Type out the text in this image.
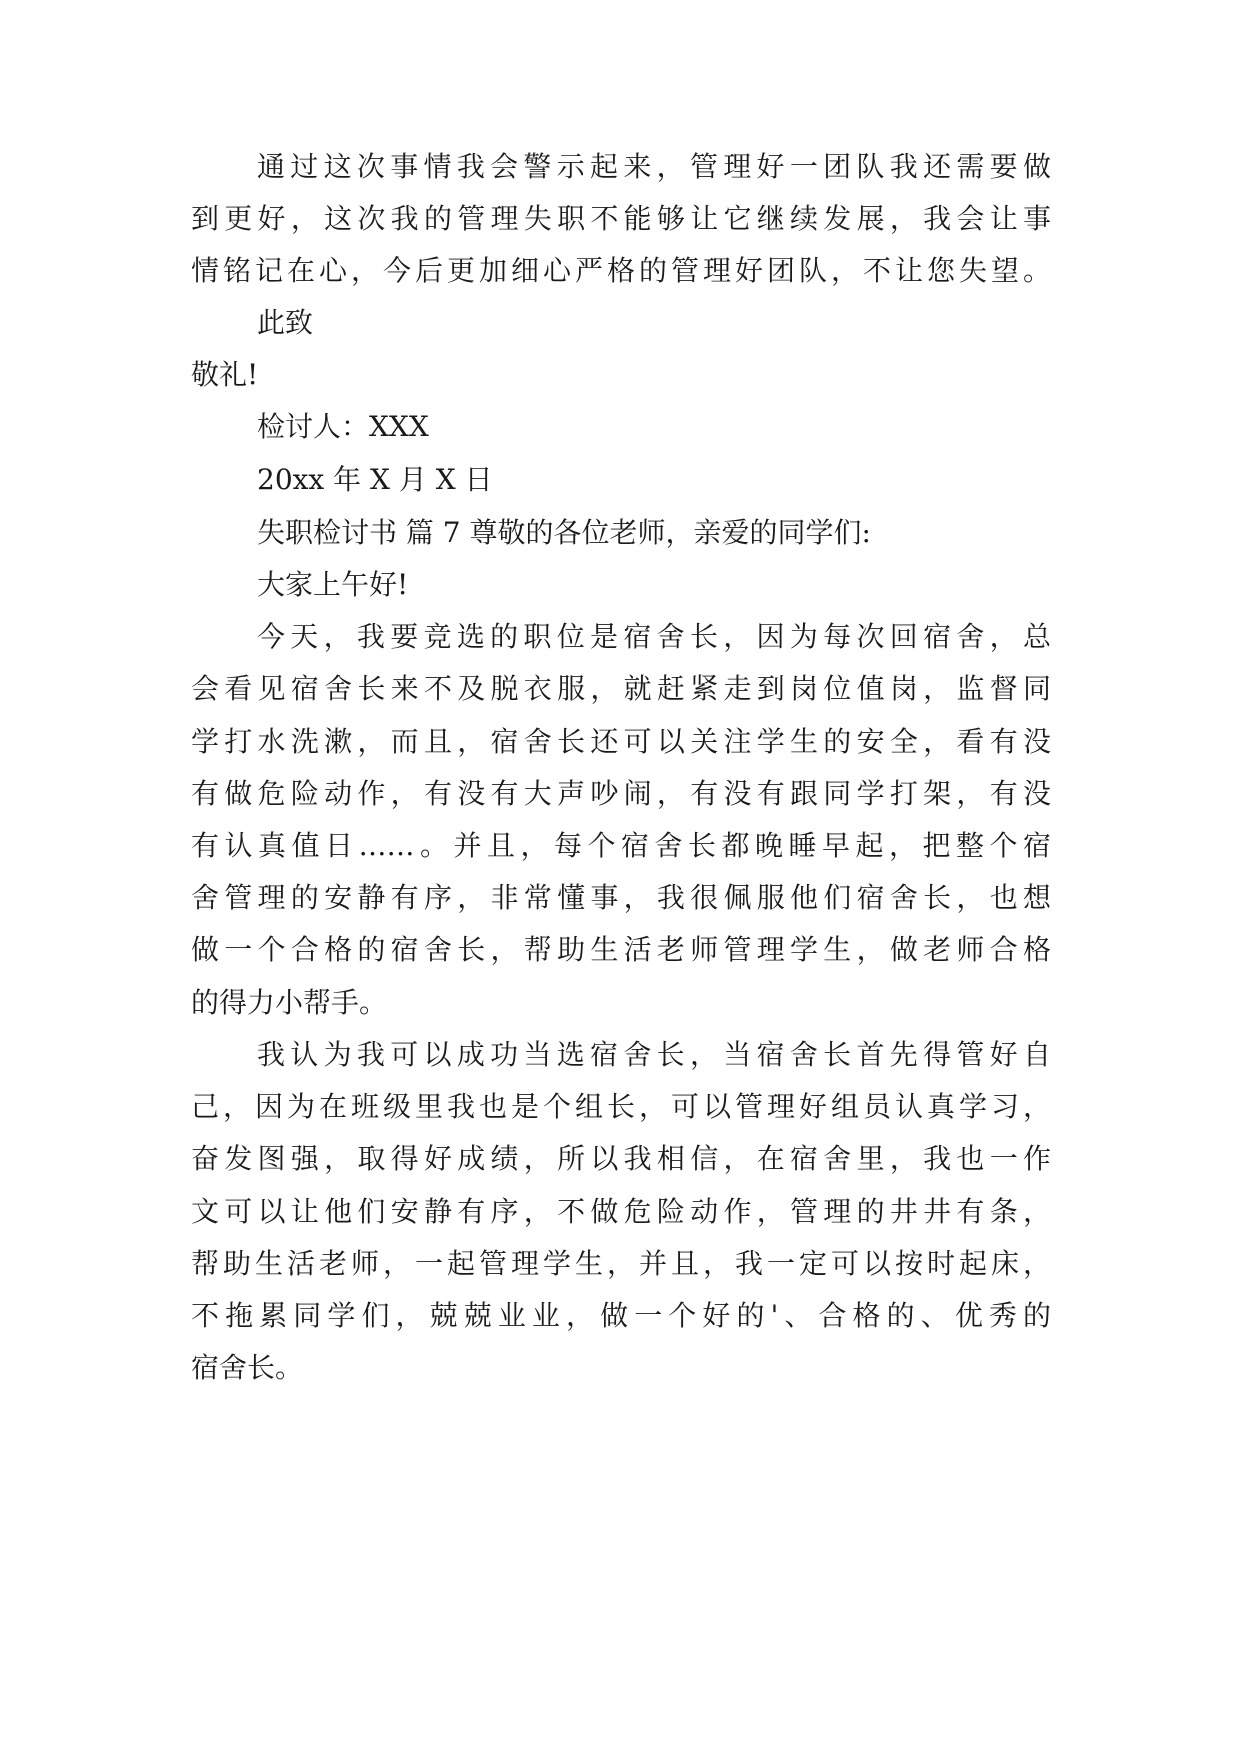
通过这次事情我会警示起来，管理好一团队我还需要做
到更好，这次我的管理失职不能够让它继续发展，我会让事
情铭记在心，今后更加细心严格的管理好团队，不让您失望。
此致
敬礼!
检讨人：XXX
20xx 年 X 月 X 日
失职检讨书 篇 7 尊敬的各位老师，亲爱的同学们:
大家上午好!
今天，我要竞选的职位是宿舍长，因为每次回宿舍，总
会看见宿舍长来不及脱衣服，就赶紧走到岗位值岗，监督同
学打水洗漱，而且，宿舍长还可以关注学生的安全，看有没
有做危险动作，有没有大声吵闹，有没有跟同学打架，有没
有认真值日……。并且，每个宿舍长都晚睡早起，把整个宿
舍管理的安静有序，非常懂事，我很佩服他们宿舍长，也想
做一个合格的宿舍长，帮助生活老师管理学生，做老师合格
的得力小帮手。
我认为我可以成功当选宿舍长，当宿舍长首先得管好自
己，因为在班级里我也是个组长，可以管理好组员认真学习，
奋发图强，取得好成绩，所以我相信，在宿舍里，我也一作
文可以让他们安静有序，不做危险动作，管理的井井有条，
帮助生活老师，一起管理学生，并且，我一定可以按时起床，
不拖累同学们，兢兢业业，做一个好的'、合格的、优秀的
宿舍长。
